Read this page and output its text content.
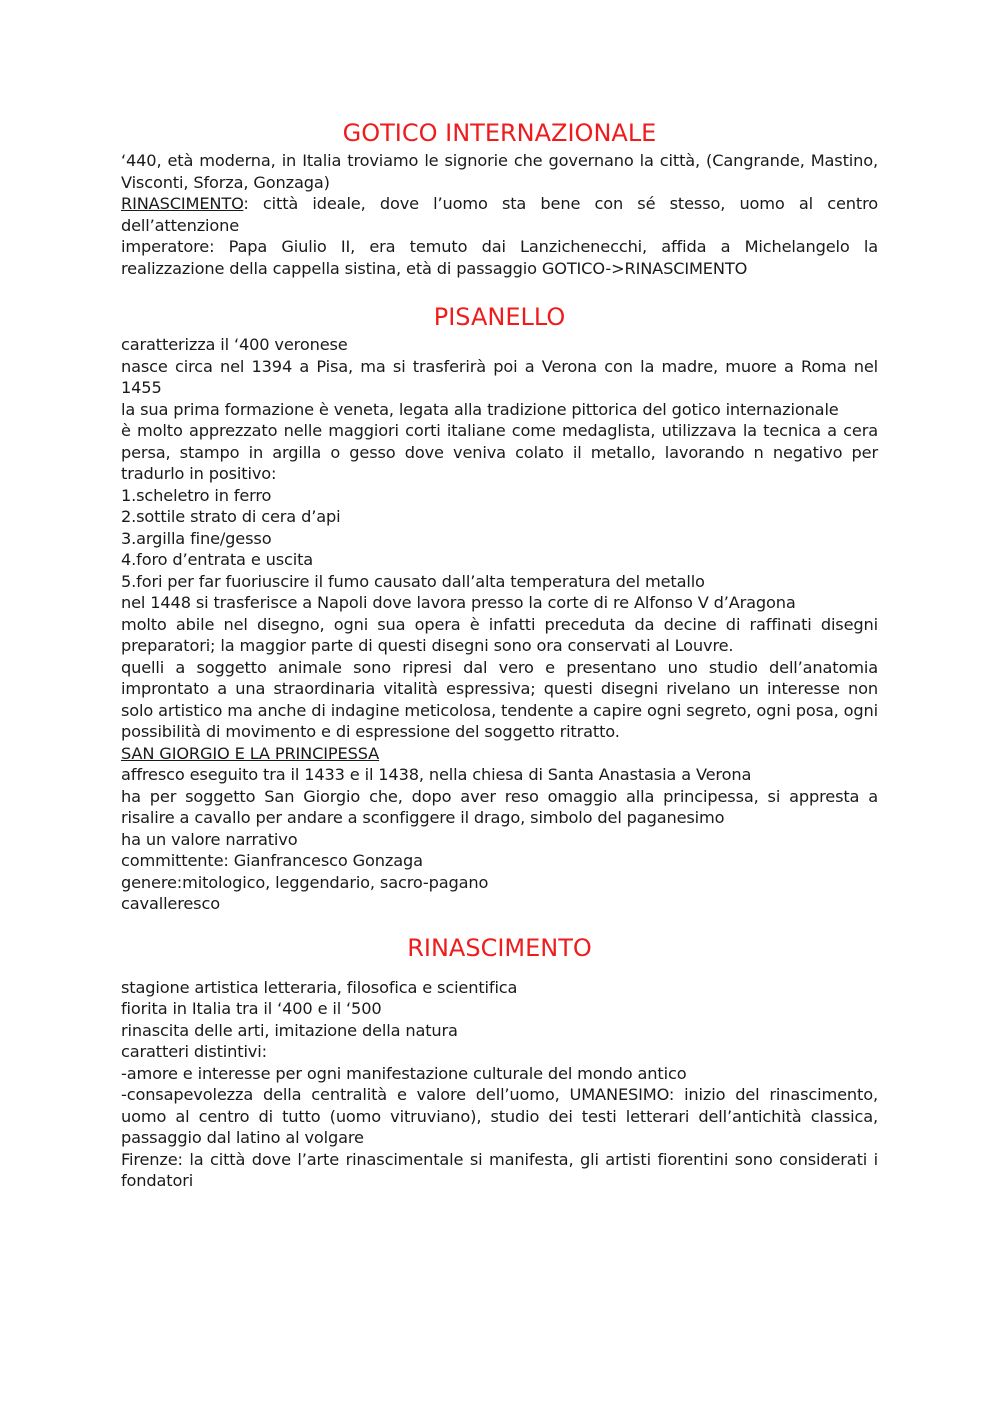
GOTICO INTERNAZIONALE

‘440, età moderna, in Italia troviamo le signorie che governano la città, (Cangrande, Mastino, Visconti, Sforza, Gonzaga)

RINASCIMENTO: città ideale, dove l’uomo sta bene con sé stesso, uomo al centro dell’attenzione

imperatore: Papa Giulio II, era temuto dai Lanzichenecchi, affida a Michelangelo la realizzazione della cappella sistina, età di passaggio GOTICO->RINASCIMENTO

PISANELLO

caratterizza il ‘400 veronese

nasce circa nel 1394 a Pisa, ma si trasferirà poi a Verona con la madre, muore a Roma nel 1455

la sua prima formazione è veneta, legata alla tradizione pittorica del gotico internazionale

è molto apprezzato nelle maggiori corti italiane come medaglista, utilizzava la tecnica a cera persa, stampo in argilla o gesso dove veniva colato il metallo, lavorando n negativo per tradurlo in positivo:

1.scheletro in ferro

2.sottile strato di cera d’api

3.argilla fine/gesso

4.foro d’entrata e uscita

5.fori per far fuoriuscire il fumo causato dall’alta temperatura del metallo

nel 1448 si trasferisce a Napoli dove lavora presso la corte di re Alfonso V d’Aragona

molto abile nel disegno, ogni sua opera è infatti preceduta da decine di raffinati disegni preparatori; la maggior parte di questi disegni sono ora conservati al Louvre.

quelli a soggetto animale sono ripresi dal vero e presentano uno studio dell’anatomia improntato a una straordinaria vitalità espressiva; questi disegni rivelano un interesse non solo artistico ma anche di indagine meticolosa, tendente a capire ogni segreto, ogni posa, ogni possibilità di movimento e di espressione del soggetto ritratto.

SAN GIORGIO E LA PRINCIPESSA

affresco eseguito tra il 1433 e il 1438, nella chiesa di Santa Anastasia a Verona

ha per soggetto San Giorgio che, dopo aver reso omaggio alla principessa, si appresta a risalire a cavallo per andare a sconfiggere il drago, simbolo del paganesimo

ha un valore narrativo

committente: Gianfrancesco Gonzaga

genere:mitologico, leggendario, sacro-pagano

cavalleresco

RINASCIMENTO

stagione artistica letteraria, filosofica e scientifica

fiorita in Italia tra il ‘400 e il ‘500

rinascita delle arti, imitazione della natura

caratteri distintivi:

-amore e interesse per ogni manifestazione culturale del mondo antico

-consapevolezza della centralità e valore dell’uomo, UMANESIMO: inizio del rinascimento, uomo al centro di tutto (uomo vitruviano), studio dei testi letterari dell’antichità classica, passaggio dal latino al volgare

Firenze: la città dove l’arte rinascimentale si manifesta, gli artisti fiorentini sono considerati i fondatori
